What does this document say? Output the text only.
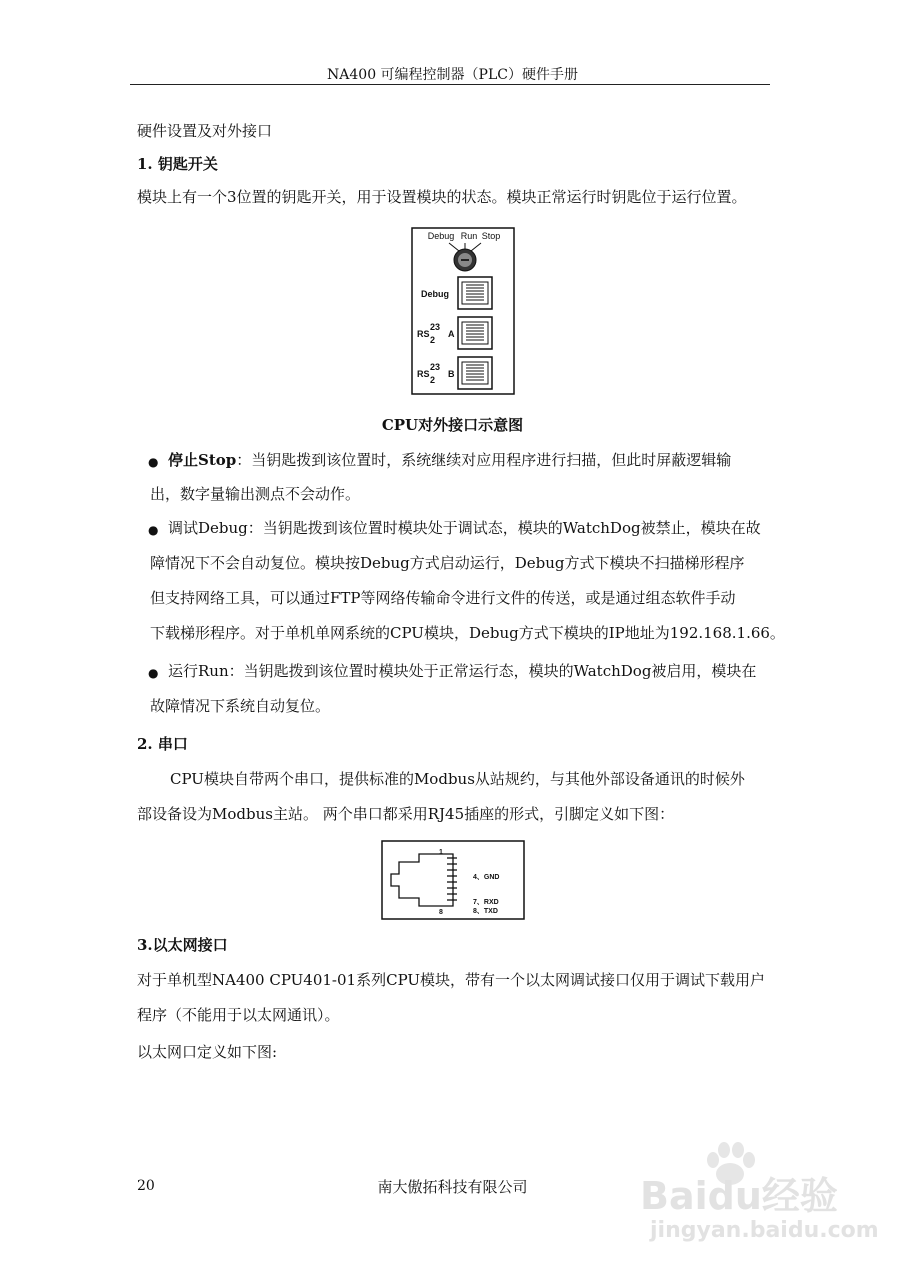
NA400 可编程控制器（PLC）硬件手册
硬件设置及对外接口
1. 钥匙开关
模块上有一个3位置的钥匙开关，用于设置模块的状态。模块正常运行时钥匙位于运行位置。
Debug Run Stop
Debug
RS
23
2
A
RS
23
2
B
CPU对外接口示意图
● 停止Stop：当钥匙拨到该位置时，系统继续对应用程序进行扫描，但此时屏蔽逻辑输
出，数字量输出测点不会动作。
● 调试Debug：当钥匙拨到该位置时模块处于调试态，模块的WatchDog被禁止，模块在故
障情况下不会自动复位。模块按Debug方式启动运行，Debug方式下模块不扫描梯形程序
但支持网络工具，可以通过FTP等网络传输命令进行文件的传送，或是通过组态软件手动
下载梯形程序。对于单机单网系统的CPU模块，Debug方式下模块的IP地址为192.168.1.66。
● 运行Run：当钥匙拨到该位置时模块处于正常运行态，模块的WatchDog被启用，模块在
故障情况下系统自动复位。
2. 串口
CPU模块自带两个串口，提供标准的Modbus从站规约，与其他外部设备通讯的时候外
部设备设为Modbus主站。 两个串口都采用RJ45插座的形式，引脚定义如下图：
1
8
4、GND
7、RXD
8、TXD
3.以太网接口
对于单机型NA400 CPU401-01系列CPU模块，带有一个以太网调试接口仅用于调试下载用户
程序（不能用于以太网通讯）。
以太网口定义如下图:
20	南大傲拓科技有限公司	Baidu经验
jingyan.baidu.com
